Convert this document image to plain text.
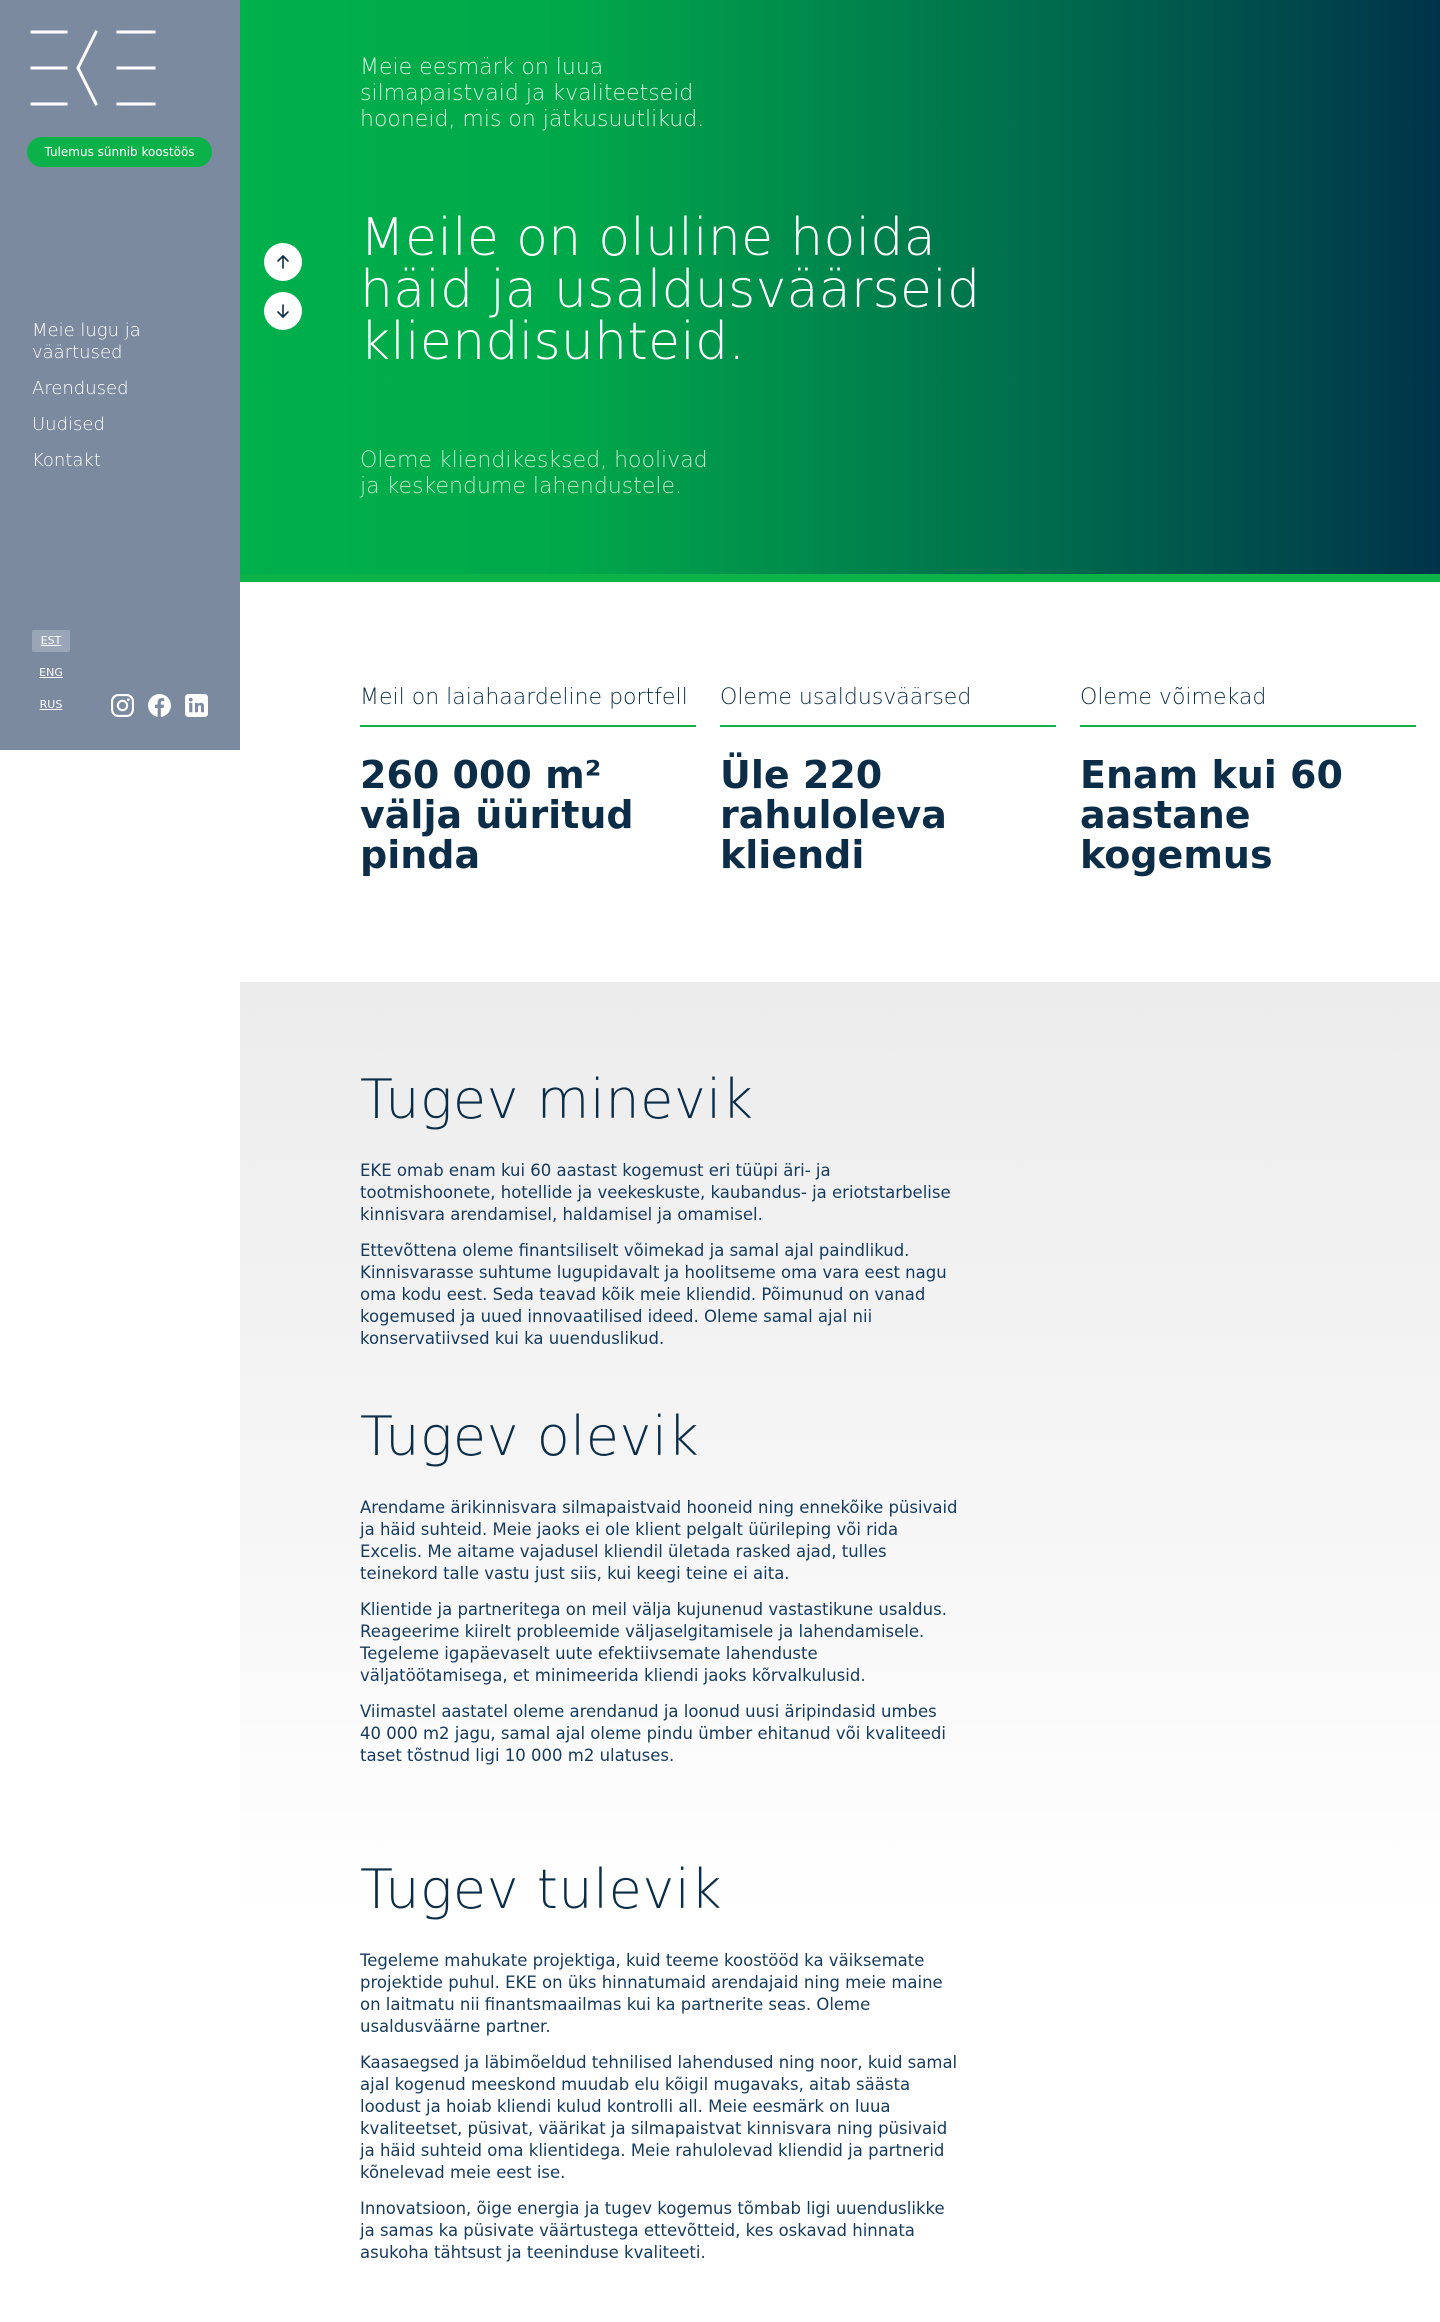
Tulemus sünnib koostöös
Meie lugu ja väärtused
Arendused
Uudised
Kontakt
EST
ENG
RUS

Meie eesmärk on luua silmapaistvaid ja kvaliteetseid hooneid, mis on jätkusuutlikud.

Meile on oluline hoida häid ja usaldusväärseid kliendisuhteid.

Oleme kliendikesksed, hoolivad ja keskendume lahendustele.

Meil on laiahaardeline portfell
260 000 m² välja üüritud pinda
Oleme usaldusväärsed
Üle 220 rahuloleva kliendi
Oleme võimekad
Enam kui 60 aastane kogemus
Tugev minevik

EKE omab enam kui 60 aastast kogemust eri tüüpi äri- ja tootmishoonete, hotellide ja veekeskuste, kaubandus- ja eriotstarbelise kinnisvara arendamisel, haldamisel ja omamisel.

Ettevõttena oleme finantsiliselt võimekad ja samal ajal paindlikud. Kinnisvarasse suhtume lugupidavalt ja hoolitseme oma vara eest nagu oma kodu eest. Seda teavad kõik meie kliendid. Põimunud on vanad kogemused ja uued innovaatilised ideed. Oleme samal ajal nii konservatiivsed kui ka uuenduslikud.

Tugev olevik

Arendame ärikinnisvara silmapaistvaid hooneid ning ennekõike püsivaid ja häid suhteid. Meie jaoks ei ole klient pelgalt üürileping või rida Excelis. Me aitame vajadusel kliendil ületada rasked ajad, tulles teinekord talle vastu just siis, kui keegi teine ei aita.

Klientide ja partneritega on meil välja kujunenud vastastikune usaldus. Reageerime kiirelt probleemide väljaselgitamisele ja lahendamisele. Tegeleme igapäevaselt uute efektiivsemate lahenduste väljatöötamisega, et minimeerida kliendi jaoks kõrvalkulusid.

Viimastel aastatel oleme arendanud ja loonud uusi äripindasid umbes 40 000 m2 jagu, samal ajal oleme pindu ümber ehitanud või kvaliteedi taset tõstnud ligi 10 000 m2 ulatuses.

Tugev tulevik

Tegeleme mahukate projektiga, kuid teeme koostööd ka väiksemate projektide puhul. EKE on üks hinnatumaid arendajaid ning meie maine on laitmatu nii finantsmaailmas kui ka partnerite seas. Oleme usaldusväärne partner.

Kaasaegsed ja läbimõeldud tehnilised lahendused ning noor, kuid samal ajal kogenud meeskond muudab elu kõigil mugavaks, aitab säästa loodust ja hoiab kliendi kulud kontrolli all. Meie eesmärk on luua kvaliteetset, püsivat, väärikat ja silmapaistvat kinnisvara ning püsivaid ja häid suhteid oma klientidega. Meie rahulolevad kliendid ja partnerid kõnelevad meie eest ise.

Innovatsioon, õige energia ja tugev kogemus tõmbab ligi uuenduslikke ja samas ka püsivate väärtustega ettevõtteid, kes oskavad hinnata asukoha tähtsust ja teeninduse kvaliteeti.
